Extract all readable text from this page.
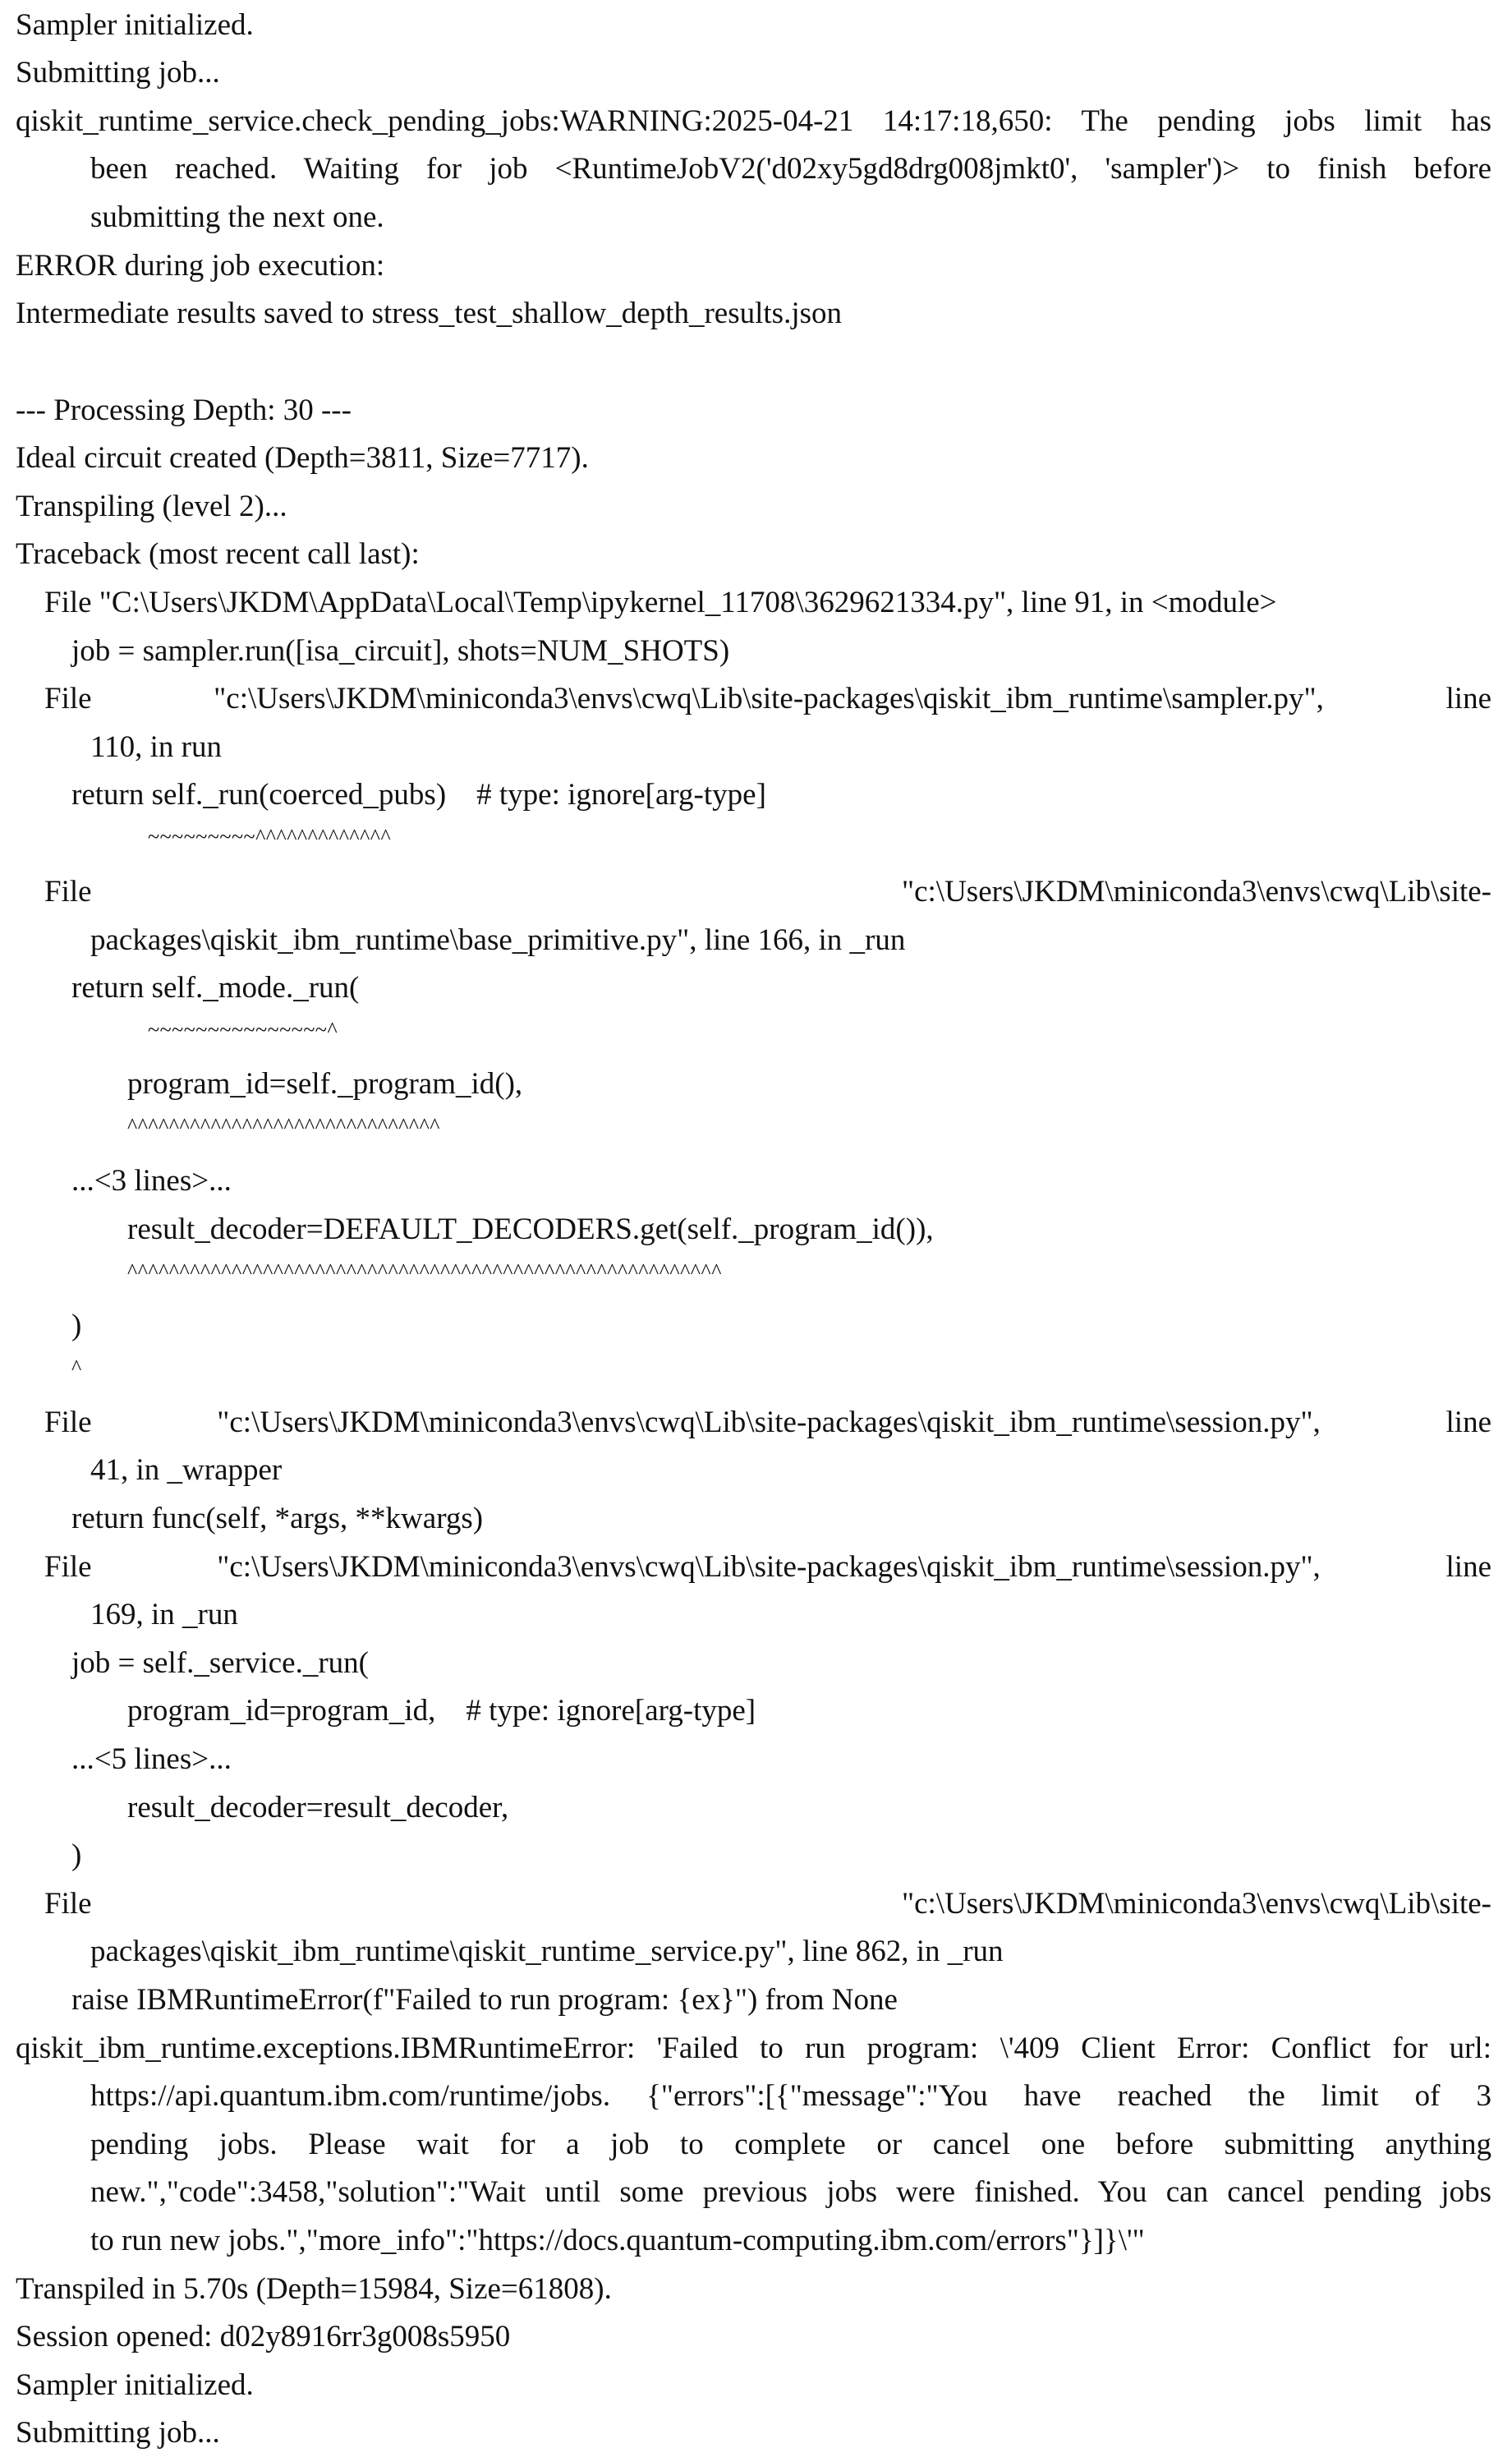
Sampler initialized.
Submitting job...
qiskit_runtime_service.check_pending_jobs:WARNING:2025-04-21 14:17:18,650: The pending jobs limit has
been reached. Waiting for job <RuntimeJobV2('d02xy5gd8drg008jmkt0', 'sampler')> to finish before
submitting the next one.
ERROR during job execution:
Intermediate results saved to stress_test_shallow_depth_results.json
--- Processing Depth: 30 ---
Ideal circuit created (Depth=3811, Size=7717).
Transpiling (level 2)...
Traceback (most recent call last):
File "C:\Users\JKDM\AppData\Local\Temp\ipykernel_11708\3629621334.py", line 91, in <module>
job = sampler.run([isa_circuit], shots=NUM_SHOTS)
File "c:\Users\JKDM\miniconda3\envs\cwq\Lib\site-packages\qiskit_ibm_runtime\sampler.py", line
110, in run
return self._run(coerced_pubs)    # type: ignore[arg-type]
~~~~~~~~~^^^^^^^^^^^^^
File "c:\Users\JKDM\miniconda3\envs\cwq\Lib\site-
packages\qiskit_ibm_runtime\base_primitive.py", line 166, in _run
return self._mode._run(
~~~~~~~~~~~~~~~^
program_id=self._program_id(),
^^^^^^^^^^^^^^^^^^^^^^^^^^^^^^
...<3 lines>...
result_decoder=DEFAULT_DECODERS.get(self._program_id()),
^^^^^^^^^^^^^^^^^^^^^^^^^^^^^^^^^^^^^^^^^^^^^^^^^^^^^^^^^
)
^
File "c:\Users\JKDM\miniconda3\envs\cwq\Lib\site-packages\qiskit_ibm_runtime\session.py", line
41, in _wrapper
return func(self, *args, **kwargs)
File "c:\Users\JKDM\miniconda3\envs\cwq\Lib\site-packages\qiskit_ibm_runtime\session.py", line
169, in _run
job = self._service._run(
program_id=program_id,    # type: ignore[arg-type]
...<5 lines>...
result_decoder=result_decoder,
)
File "c:\Users\JKDM\miniconda3\envs\cwq\Lib\site-
packages\qiskit_ibm_runtime\qiskit_runtime_service.py", line 862, in _run
raise IBMRuntimeError(f"Failed to run program: {ex}") from None
qiskit_ibm_runtime.exceptions.IBMRuntimeError: 'Failed to run program: \'409 Client Error: Conflict for url:
https://api.quantum.ibm.com/runtime/jobs. {"errors":[{"message":"You have reached the limit of 3
pending jobs. Please wait for a job to complete or cancel one before submitting anything
new.","code":3458,"solution":"Wait until some previous jobs were finished. You can cancel pending jobs
to run new jobs.","more_info":"https://docs.quantum-computing.ibm.com/errors"}]}\'"
Transpiled in 5.70s (Depth=15984, Size=61808).
Session opened: d02y8916rr3g008s5950
Sampler initialized.
Submitting job...
